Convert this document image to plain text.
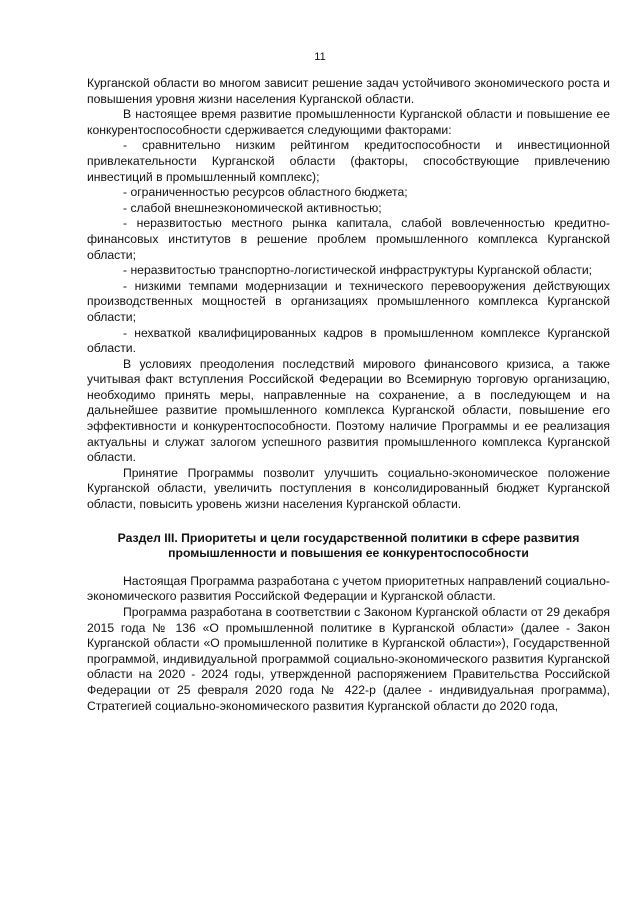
11

Курганской области во многом зависит решение задач устойчивого экономического роста и повышения уровня жизни населения Курганской области.

В настоящее время развитие промышленности Курганской области и повышение ее конкурентоспособности сдерживается следующими факторами:

- сравнительно низким рейтингом кредитоспособности и инвестиционной привлекательности Курганской области (факторы, способствующие привлечению инвестиций в промышленный комплекс);

- ограниченностью ресурсов областного бюджета;

- слабой внешнеэкономической активностью;

- неразвитостью местного рынка капитала, слабой вовлеченностью кредитно-финансовых институтов в решение проблем промышленного комплекса Курганской области;

- неразвитостью транспортно-логистической инфраструктуры Курганской области;

- низкими темпами модернизации и технического перевооружения действующих производственных мощностей в организациях промышленного комплекса Курганской области;

- нехваткой квалифицированных кадров в промышленном комплексе Курганской области.

В условиях преодоления последствий мирового финансового кризиса, а также учитывая факт вступления Российской Федерации во Всемирную торговую организацию, необходимо принять меры, направленные на сохранение, а в последующем и на дальнейшее развитие промышленного комплекса Курганской области, повышение его эффективности и конкурентоспособности. Поэтому наличие Программы и ее реализация актуальны и служат залогом успешного развития промышленного комплекса Курганской области.

Принятие Программы позволит улучшить социально-экономическое положение Курганской области, увеличить поступления в консолидированный бюджет Курганской области, повысить уровень жизни населения Курганской области.

Раздел III. Приоритеты и цели государственной политики в сфере развития
промышленности и повышения ее конкурентоспособности

Настоящая Программа разработана с учетом приоритетных направлений социально-экономического развития Российской Федерации и Курганской области.

Программа разработана в соответствии с Законом Курганской области от 29 декабря 2015 года № 136 «О промышленной политике в Курганской области» (далее - Закон Курганской области «О промышленной политике в Курганской области»), Государственной программой, индивидуальной программой социально-экономического развития Курганской области на 2020 - 2024 годы, утвержденной распоряжением Правительства Российской Федерации от 25 февраля 2020 года № 422-р (далее - индивидуальная программа), Стратегией социально-экономического развития Курганской области до 2020 года,
